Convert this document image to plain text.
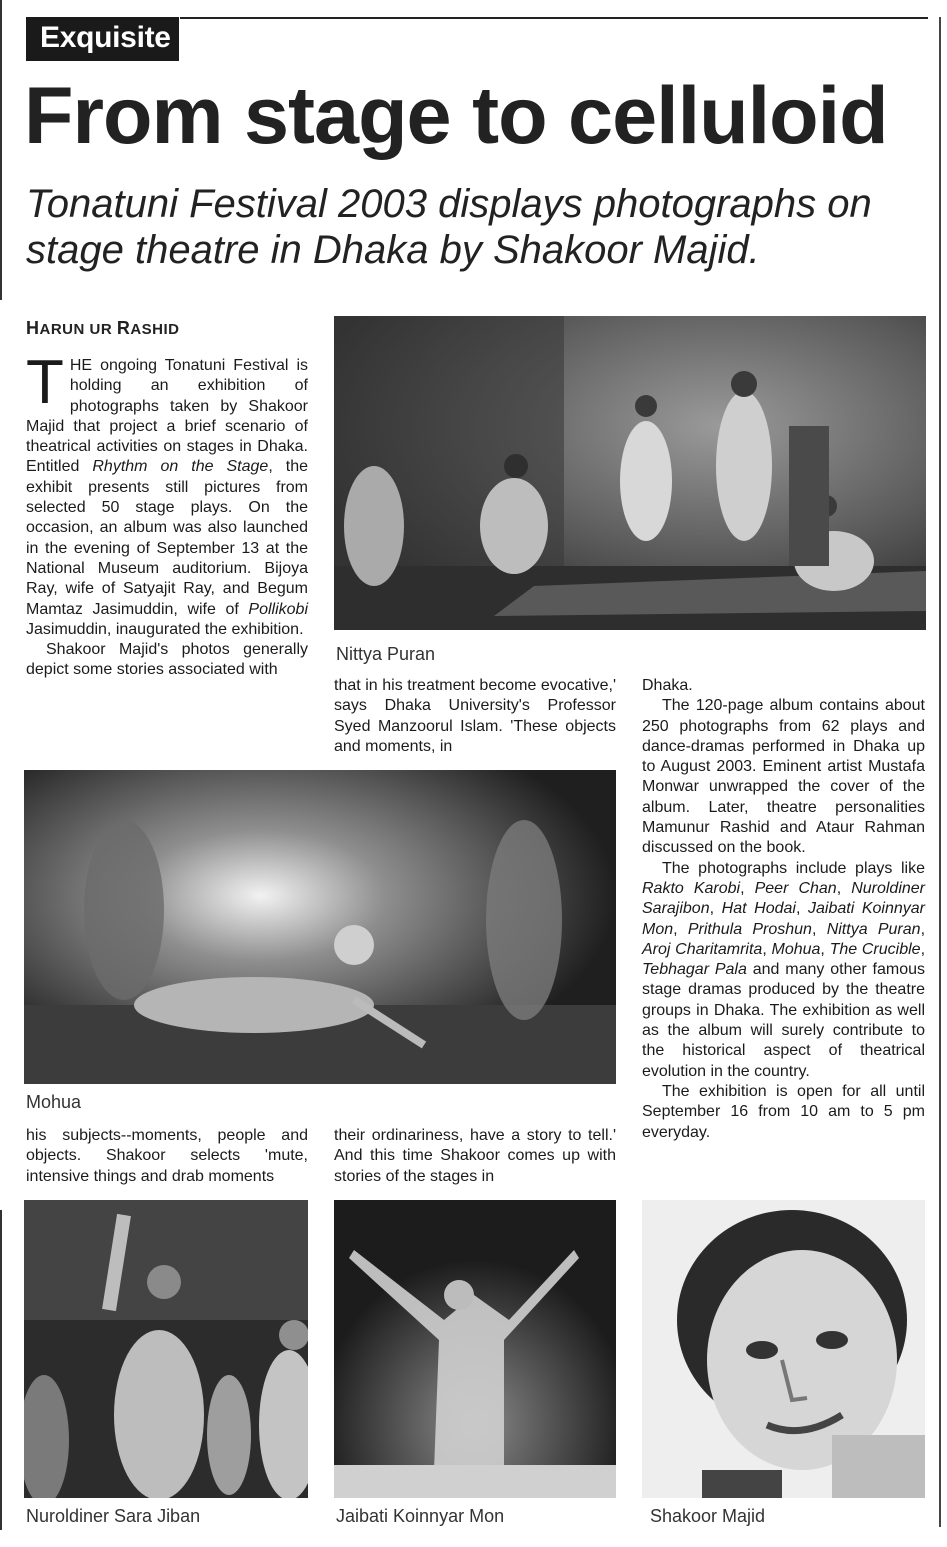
Exquisite
From stage to celluloid
Tonatuni Festival 2003 displays photographs on stage theatre in Dhaka by Shakoor Majid.
HARUN UR RASHID

THE ongoing Tonatuni Festival is holding an exhibition of photographs taken by Shakoor Majid that project a brief scenario of theatrical activities on stages in Dhaka. Entitled Rhythm on the Stage, the exhibit presents still pictures from selected 50 stage plays. On the occasion, an album was also launched in the evening of September 13 at the National Museum auditorium. Bijoya Ray, wife of Satyajit Ray, and Begum Mamtaz Jasimuddin, wife of Pollikobi Jasimuddin, inaugurated the exhibition.

Shakoor Majid's photos generally depict some stories associated with

Nittya Puran
that in his treatment become evocative,' says Dhaka University's Professor Syed Manzoorul Islam. 'These objects and moments, in

Dhaka.

The 120-page album contains about 250 photographs from 62 plays and dance-dramas performed in Dhaka up to August 2003. Eminent artist Mustafa Monwar unwrapped the cover of the album. Later, theatre personalities Mamunur Rashid and Ataur Rahman discussed on the book.

The photographs include plays like Rakto Karobi, Peer Chan, Nuroldiner Sarajibon, Hat Hodai, Jaibati Koinnyar Mon, Prithula Proshun, Nittya Puran, Aroj Charitamrita, Mohua, The Crucible, Tebhagar Pala and many other famous stage dramas produced by the theatre groups in Dhaka. The exhibition as well as the album will surely contribute to the historical aspect of theatrical evolution in the country.

The exhibition is open for all until September 16 from 10 am to 5 pm everyday.

Mohua
his subjects--moments, people and objects. Shakoor selects 'mute, intensive things and drab moments
their ordinariness, have a story to tell.' And this time Shakoor comes up with stories of the stages in
Nuroldiner Sara Jiban	Jaibati Koinnyar Mon	Shakoor Majid
